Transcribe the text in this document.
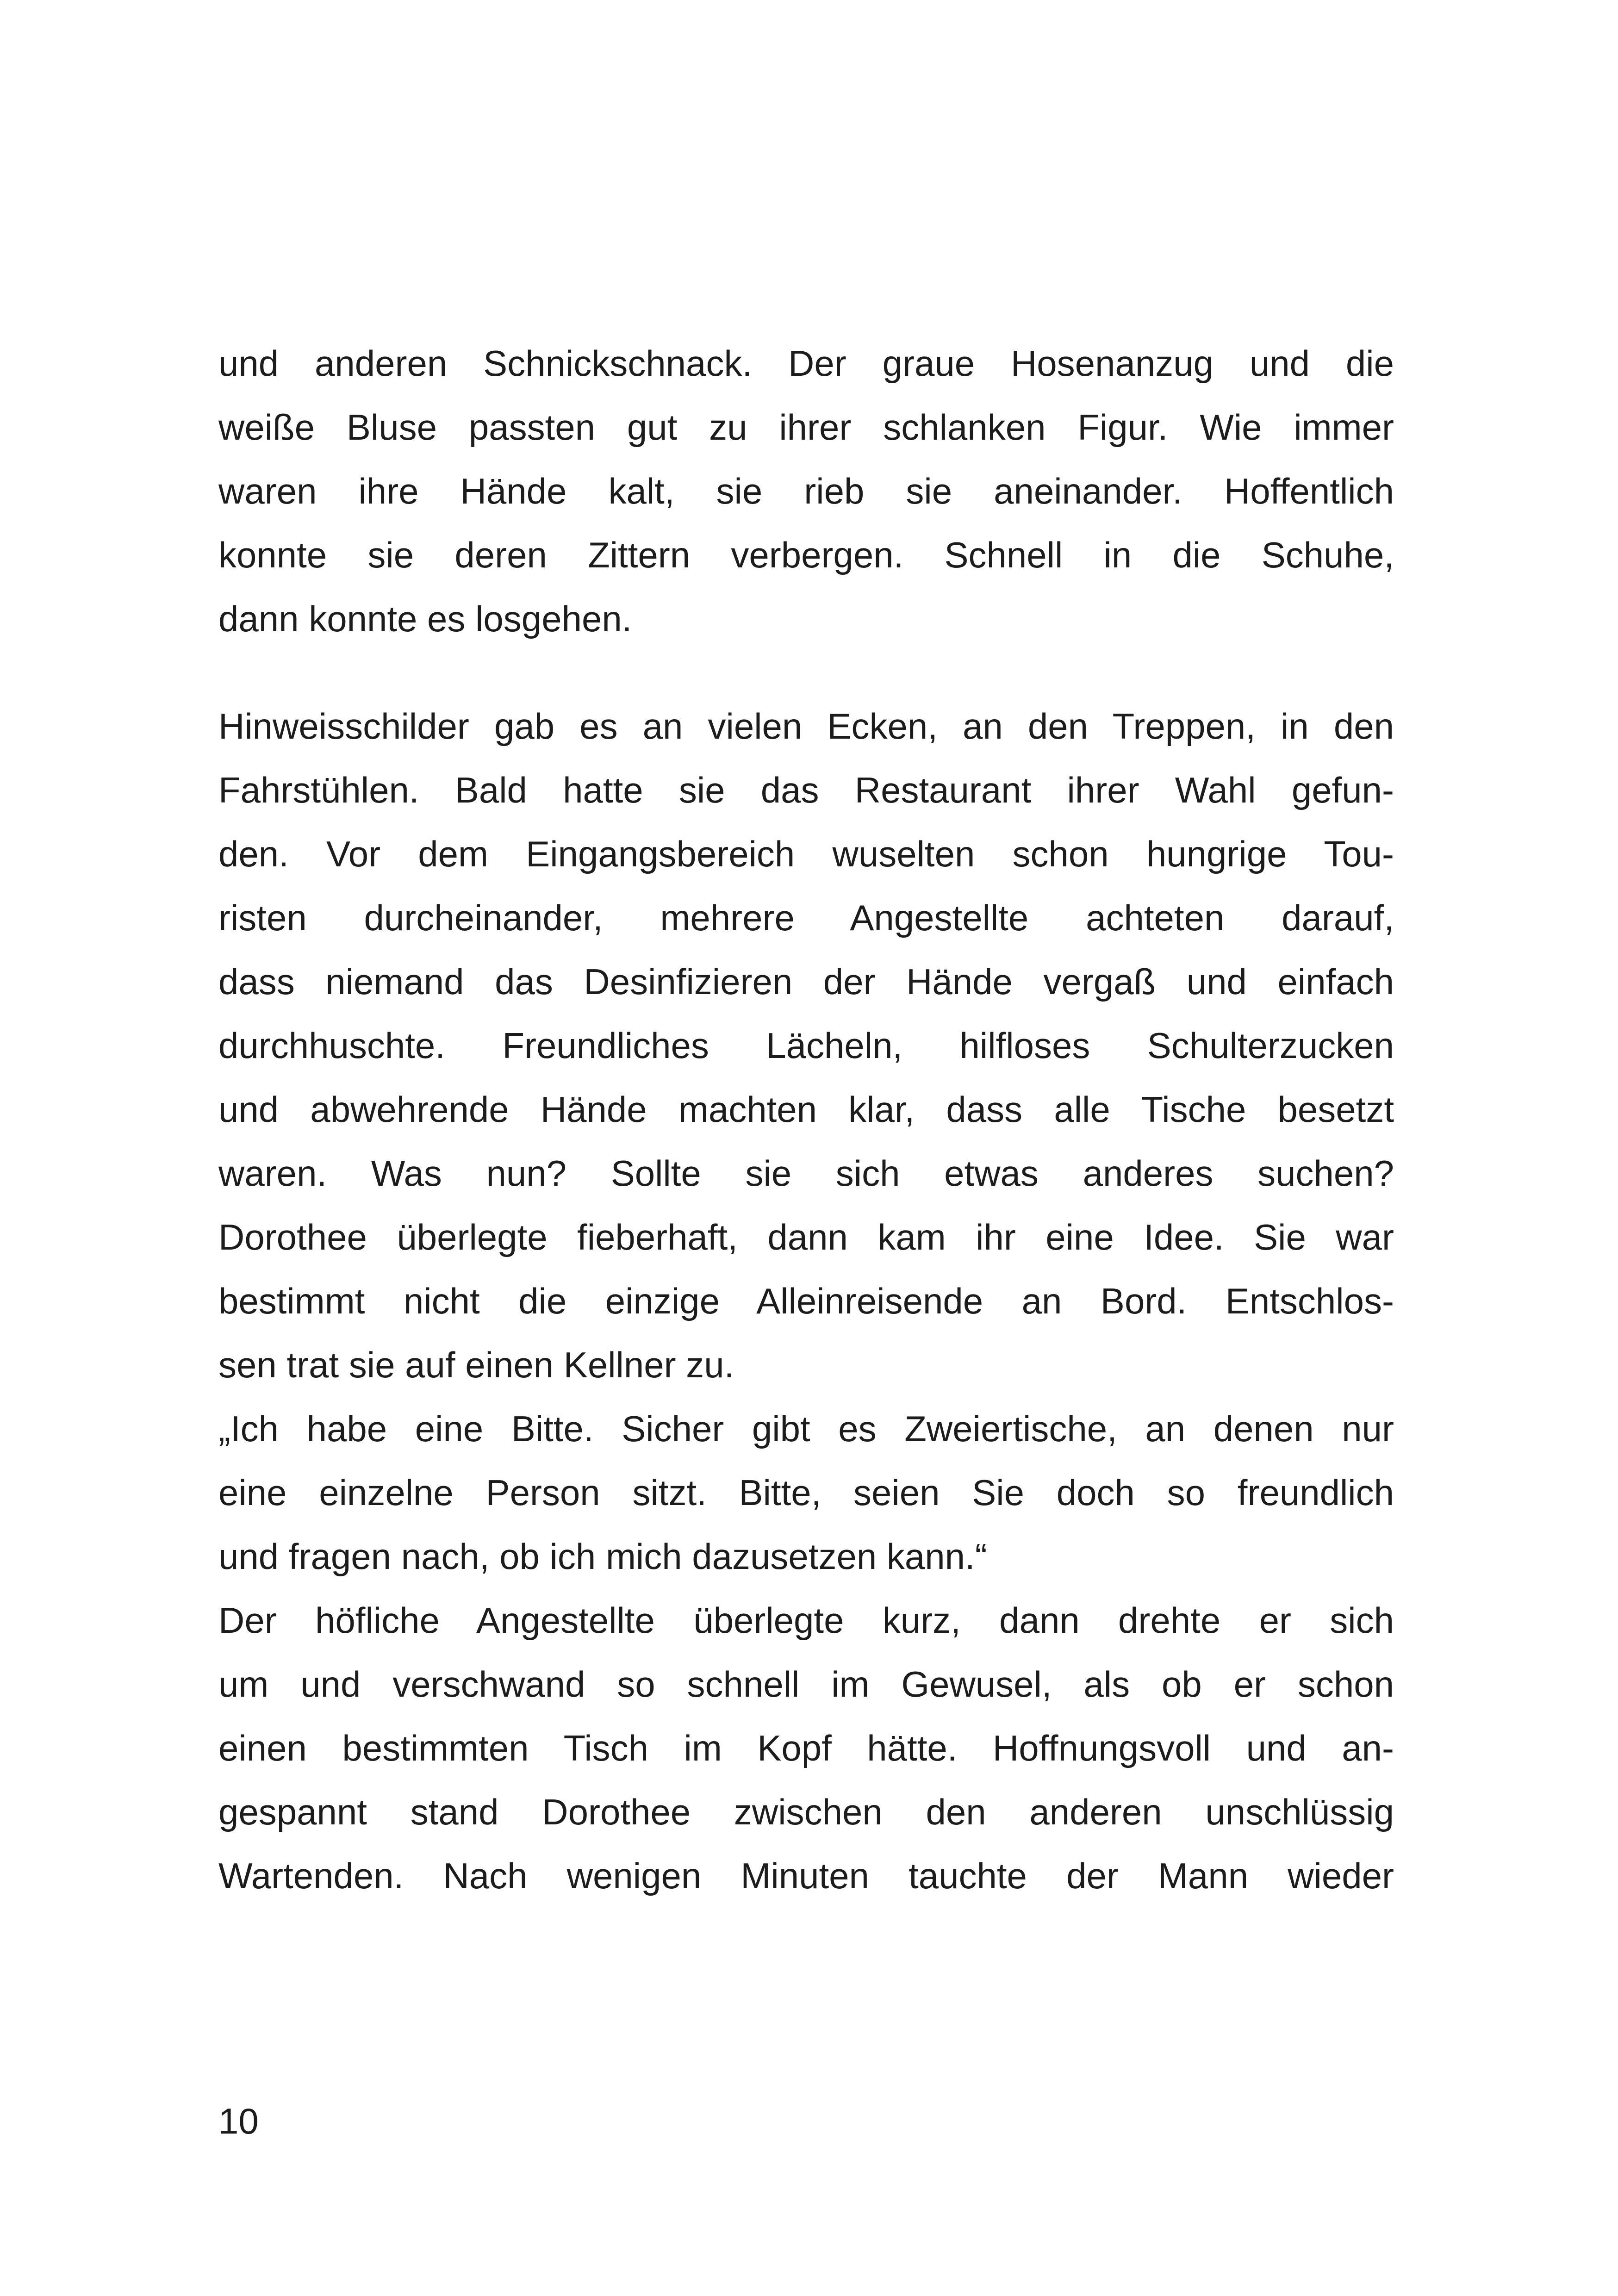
und anderen Schnickschnack. Der graue Hosenanzug und die
weiße Bluse passten gut zu ihrer schlanken Figur. Wie immer
waren ihre Hände kalt, sie rieb sie aneinander. Hoffentlich
konnte sie deren Zittern verbergen. Schnell in die Schuhe,
dann konnte es losgehen.
Hinweisschilder gab es an vielen Ecken, an den Treppen, in den
Fahrstühlen. Bald hatte sie das Restaurant ihrer Wahl gefun-
den. Vor dem Eingangsbereich wuselten schon hungrige Tou-
risten durcheinander, mehrere Angestellte achteten darauf,
dass niemand das Desinfizieren der Hände vergaß und einfach
durchhuschte. Freundliches Lächeln, hilfloses Schulterzucken
und abwehrende Hände machten klar, dass alle Tische besetzt
waren. Was nun? Sollte sie sich etwas anderes suchen?
Dorothee überlegte fieberhaft, dann kam ihr eine Idee. Sie war
bestimmt nicht die einzige Alleinreisende an Bord. Entschlos-
sen trat sie auf einen Kellner zu.
„Ich habe eine Bitte. Sicher gibt es Zweiertische, an denen nur
eine einzelne Person sitzt. Bitte, seien Sie doch so freundlich
und fragen nach, ob ich mich dazusetzen kann.“
Der höfliche Angestellte überlegte kurz, dann drehte er sich
um und verschwand so schnell im Gewusel, als ob er schon
einen bestimmten Tisch im Kopf hätte. Hoffnungsvoll und an-
gespannt stand Dorothee zwischen den anderen unschlüssig
Wartenden. Nach wenigen Minuten tauchte der Mann wieder
10
